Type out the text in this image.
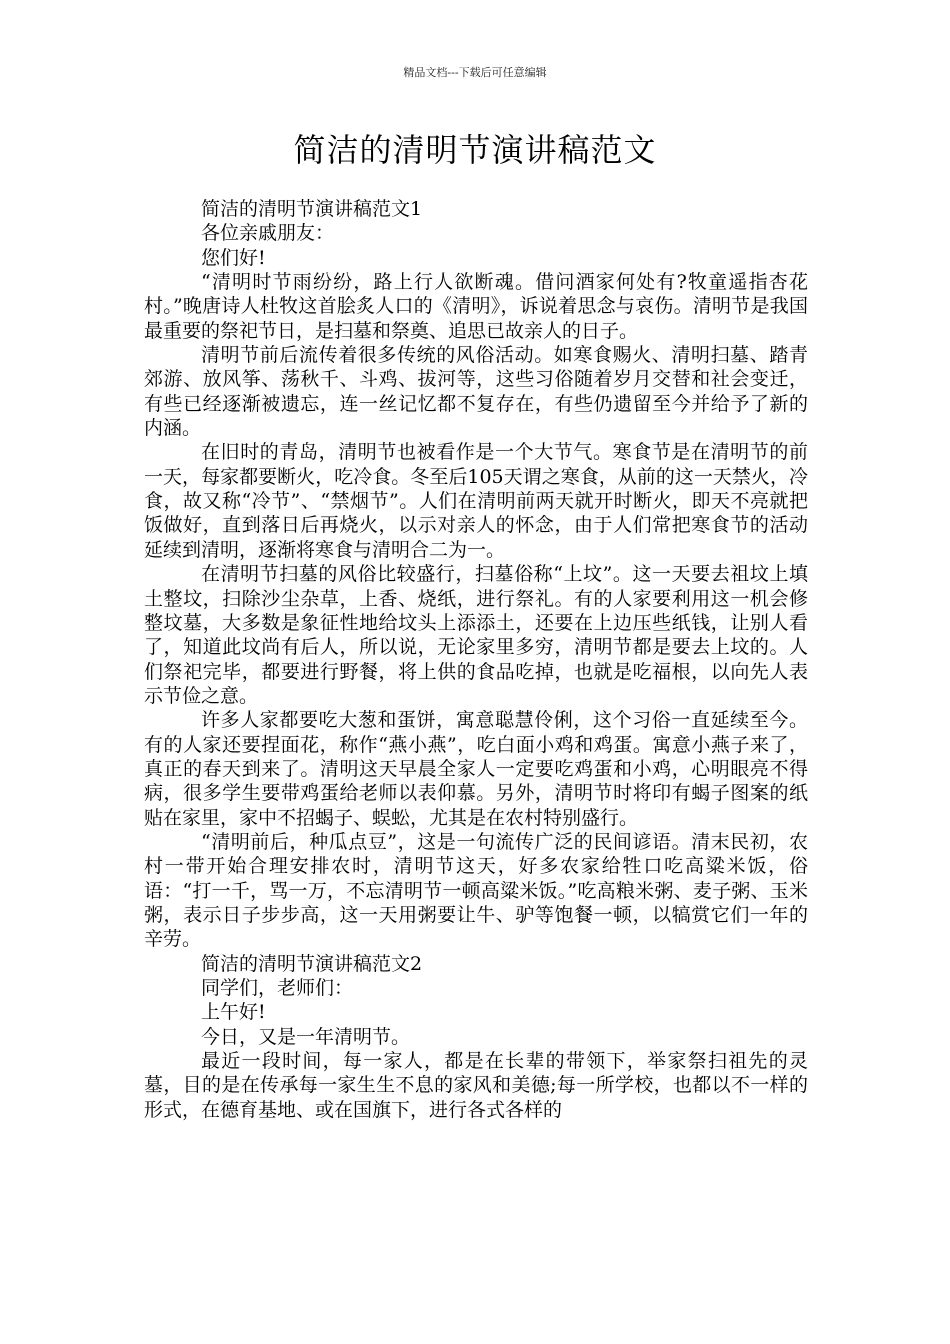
精品文档---下载后可任意编辑
简洁的清明节演讲稿范文

简洁的清明节演讲稿范文1

各位亲戚朋友：

您们好!

“清明时节雨纷纷，路上行人欲断魂。借问酒家何处有?牧童遥指杏花村。”晚唐诗人杜牧这首脍炙人口的《清明》，诉说着思念与哀伤。清明节是我国最重要的祭祀节日，是扫墓和祭奠、追思已故亲人的日子。

清明节前后流传着很多传统的风俗活动。如寒食赐火、清明扫墓、踏青郊游、放风筝、荡秋千、斗鸡、拔河等，这些习俗随着岁月交替和社会变迁，有些已经逐渐被遗忘，连一丝记忆都不复存在，有些仍遗留至今并给予了新的内涵。

在旧时的青岛，清明节也被看作是一个大节气。寒食节是在清明节的前一天，每家都要断火，吃冷食。冬至后105天谓之寒食，从前的这一天禁火，冷食，故又称“冷节”、“禁烟节”。人们在清明前两天就开时断火，即天不亮就把饭做好，直到落日后再烧火，以示对亲人的怀念，由于人们常把寒食节的活动延续到清明，逐渐将寒食与清明合二为一。

在清明节扫墓的风俗比较盛行，扫墓俗称“上坟”。这一天要去祖坟上填土整坟，扫除沙尘杂草，上香、烧纸，进行祭礼。有的人家要利用这一机会修整坟墓，大多数是象征性地给坟头上添添土，还要在上边压些纸钱，让别人看了，知道此坟尚有后人，所以说，无论家里多穷，清明节都是要去上坟的。人们祭祀完毕，都要进行野餐，将上供的食品吃掉，也就是吃福根，以向先人表示节俭之意。

许多人家都要吃大葱和蛋饼，寓意聪慧伶俐，这个习俗一直延续至今。有的人家还要捏面花，称作“燕小燕”，吃白面小鸡和鸡蛋。寓意小燕子来了，真正的春天到来了。清明这天早晨全家人一定要吃鸡蛋和小鸡，心明眼亮不得病，很多学生要带鸡蛋给老师以表仰慕。另外，清明节时将印有蝎子图案的纸贴在家里，家中不招蝎子、蜈蚣，尤其是在农村特别盛行。

“清明前后，种瓜点豆”，这是一句流传广泛的民间谚语。清末民初，农村一带开始合理安排农时，清明节这天，好多农家给牲口吃高粱米饭，俗语：“打一千，骂一万，不忘清明节一顿高粱米饭。”吃高粮米粥、麦子粥、玉米粥，表示日子步步高，这一天用粥要让牛、驴等饱餐一顿，以犒赏它们一年的辛劳。

简洁的清明节演讲稿范文2

同学们，老师们：

上午好!

今日，又是一年清明节。

最近一段时间，每一家人，都是在长辈的带领下，举家祭扫祖先的灵墓，目的是在传承每一家生生不息的家风和美德;每一所学校，也都以不一样的形式，在德育基地、或在国旗下，进行各式各样的
